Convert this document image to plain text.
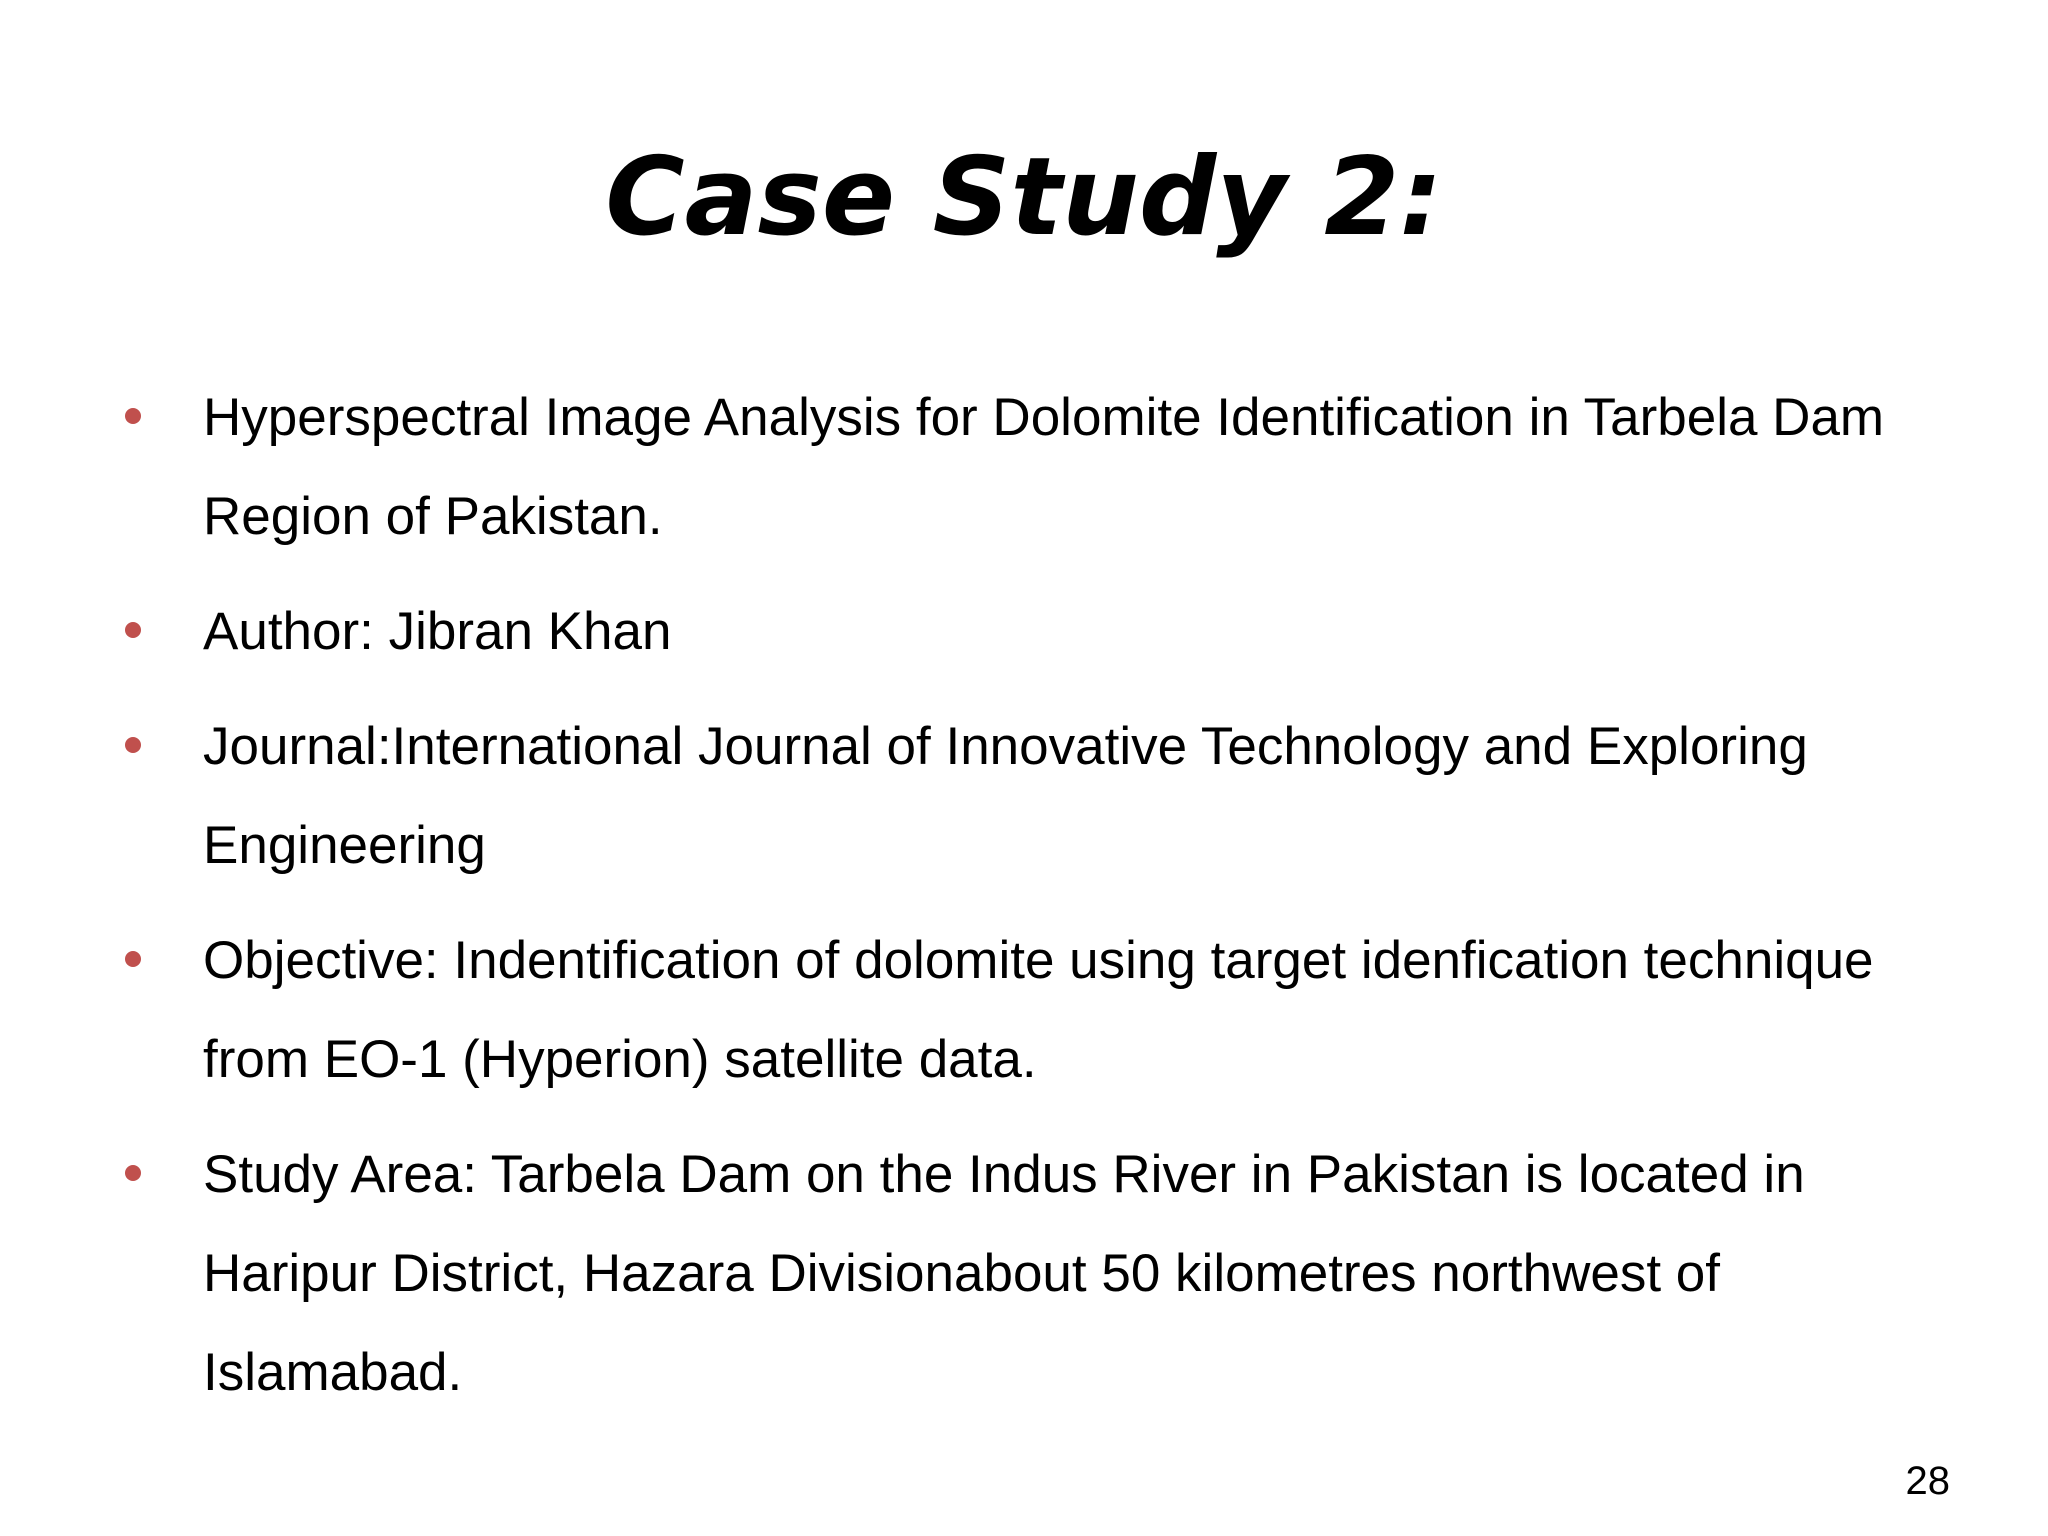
Case Study 2:
Hyperspectral Image Analysis for Dolomite Identification in Tarbela Dam Region of Pakistan.
Author: Jibran Khan
Journal:International Journal of Innovative Technology and Exploring Engineering
Objective: Indentification of dolomite using target idenfication technique from EO-1 (Hyperion) satellite data.
Study Area: Tarbela Dam on the Indus River in Pakistan is located in Haripur District, Hazara Divisionabout 50 kilometres northwest of Islamabad.
28
